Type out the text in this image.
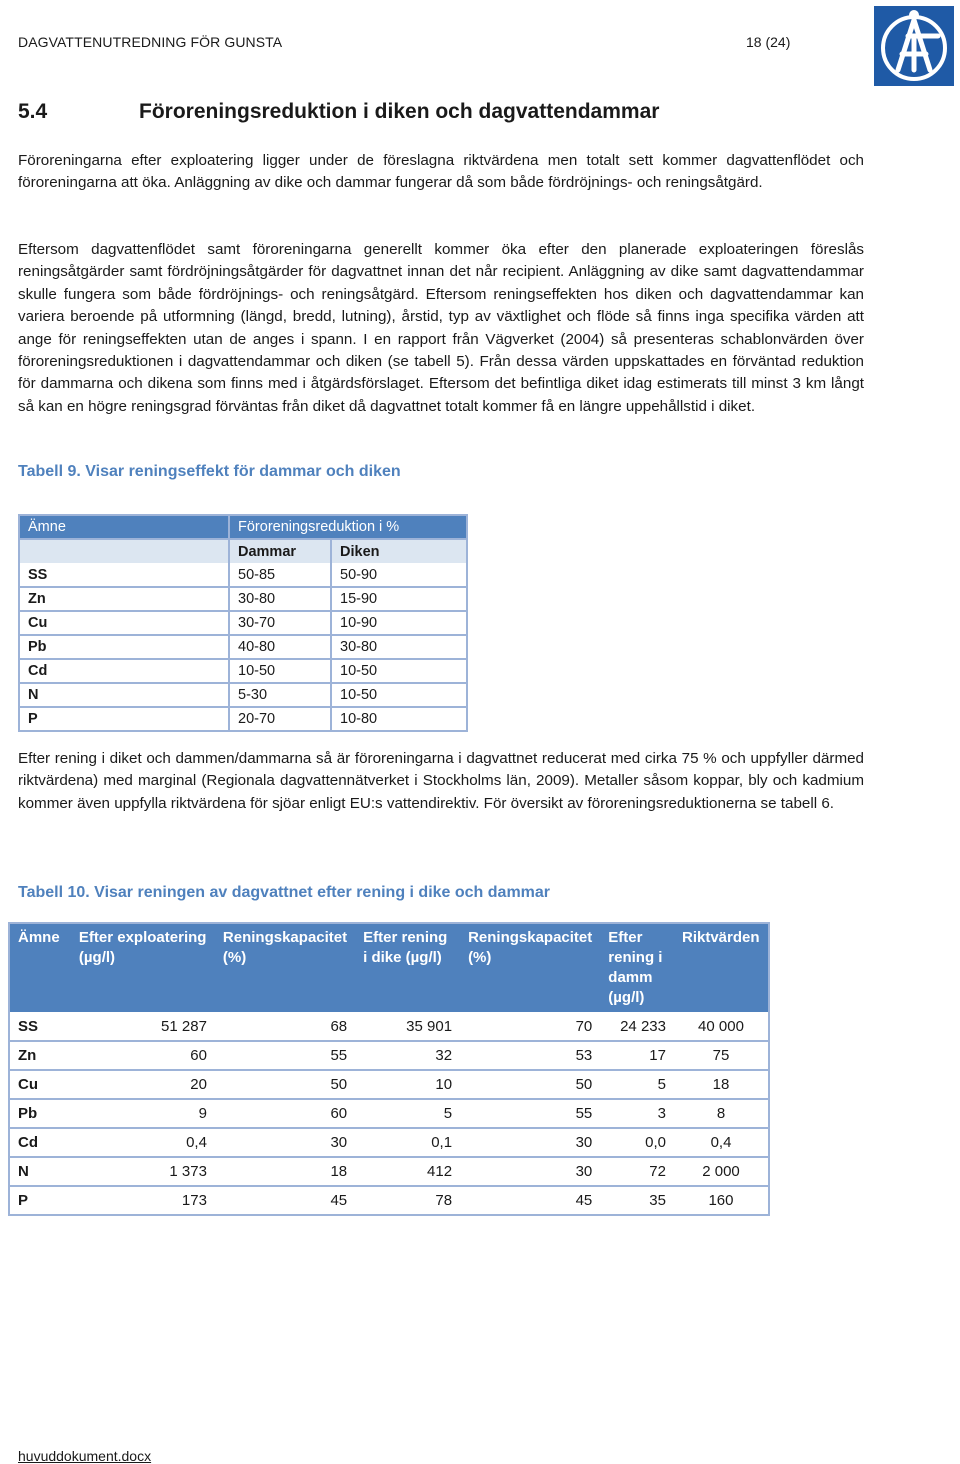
DAGVATTENUTREDNING FÖR GUNSTA	18 (24)
5.4	Föroreningsreduktion i diken och dagvattendammar

Föroreningarna efter exploatering ligger under de föreslagna riktvärdena men totalt sett kommer dagvattenflödet och föroreningarna att öka. Anläggning av dike och dammar fungerar då som både fördröjnings- och reningsåtgärd.

Eftersom dagvattenflödet samt föroreningarna generellt kommer öka efter den planerade exploateringen föreslås reningsåtgärder samt fördröjningsåtgärder för dagvattnet innan det når recipient. Anläggning av dike samt dagvattendammar skulle fungera som både fördröjnings- och reningsåtgärd. Eftersom reningseffekten hos diken och dagvattendammar kan variera beroende på utformning (längd, bredd, lutning), årstid, typ av växtlighet och flöde så finns inga specifika värden att ange för reningseffekten utan de anges i spann. I en rapport från Vägverket (2004) så presenteras schablonvärden över föroreningsreduktionen i dagvattendammar och diken (se tabell 5). Från dessa värden uppskattades en förväntad reduktion för dammarna och dikena som finns med i åtgärdsförslaget. Eftersom det befintliga diket idag estimerats till minst 3 km långt så kan en högre reningsgrad förväntas från diket då dagvattnet totalt kommer få en längre uppehållstid i diket.

Tabell 9. Visar reningseffekt för dammar och diken
Ämne	Föroreningsreduktion i %	
	Dammar	Diken
SS	50-85	50-90
Zn	30-80	15-90
Cu	30-70	10-90
Pb	40-80	30-80
Cd	10-50	10-50
N	5-30	10-50
P	20-70	10-80

Efter rening i diket och dammen/dammarna så är föroreningarna i dagvattnet reducerat med cirka 75 % och uppfyller därmed riktvärdena) med marginal (Regionala dagvattennätverket i Stockholms län, 2009). Metaller såsom koppar, bly och kadmium kommer även uppfylla riktvärdena för sjöar enligt EU:s vattendirektiv. För översikt av föroreningsreduktionerna se tabell 6.

Tabell 10. Visar reningen av dagvattnet efter rening i dike och dammar
Ämne	Efter exploatering (µg/l)	Reningskapacitet (%)	Efter rening i dike (µg/l)	Reningskapacitet (%)	Efter rening i damm (µg/l)	Riktvärden
SS	51 287	68	35 901	70	24 233	40 000
Zn	60	55	32	53	17	75
Cu	20	50	10	50	5	18
Pb	9	60	5	55	3	8
Cd	0,4	30	0,1	30	0,0	0,4
N	1 373	18	412	30	72	2 000
P	173	45	78	45	35	160
huvuddokument.docx
